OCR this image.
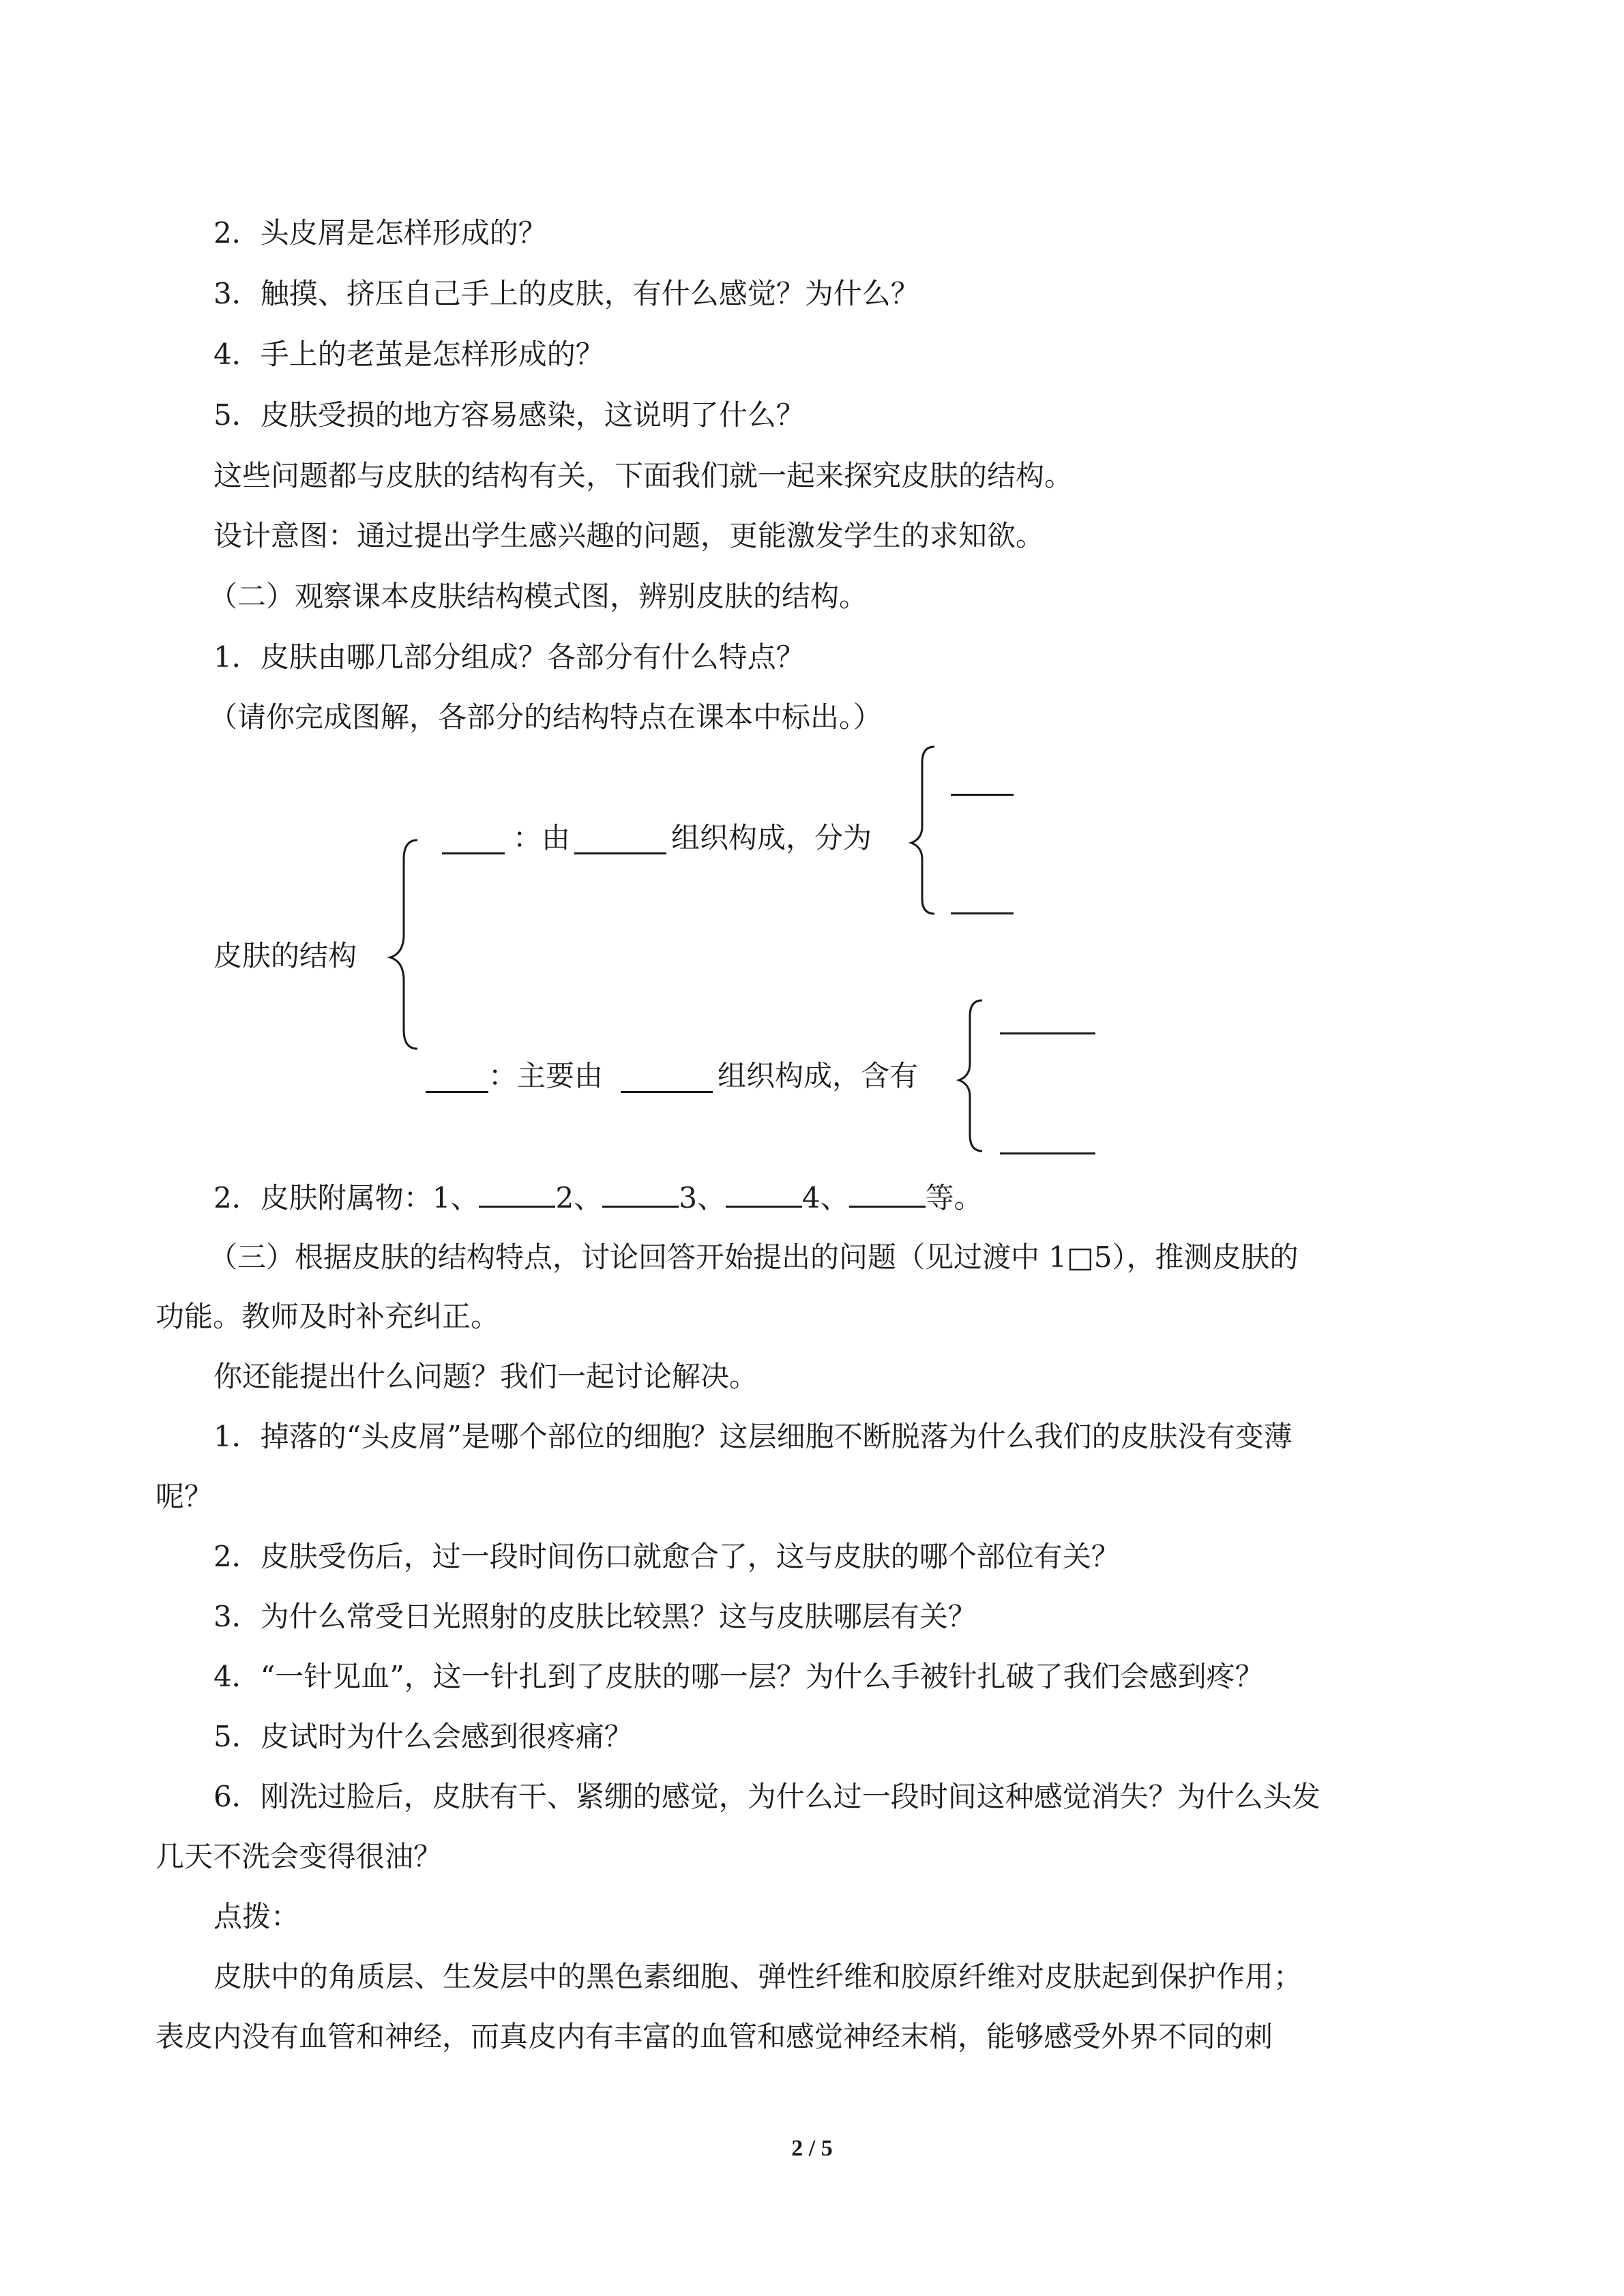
2．头皮屑是怎样形成的？
3．触摸、挤压自己手上的皮肤，有什么感觉？为什么？
4．手上的老茧是怎样形成的？
5．皮肤受损的地方容易感染，这说明了什么？
这些问题都与皮肤的结构有关，下面我们就一起来探究皮肤的结构。
设计意图：通过提出学生感兴趣的问题，更能激发学生的求知欲。
（二）观察课本皮肤结构模式图，辨别皮肤的结构。
1．皮肤由哪几部分组成？各部分有什么特点？
（请你完成图解，各部分的结构特点在课本中标出。）
皮肤的结构
：由	组织构成，分为
：主要由	组织构成，含有
2．皮肤附属物：1、	2、	3、	4、	等。
（三）根据皮肤的结构特点，讨论回答开始提出的问题（见过渡中 1□5），推测皮肤的
功能。教师及时补充纠正。
你还能提出什么问题？我们一起讨论解决。
1．掉落的“头皮屑”是哪个部位的细胞？这层细胞不断脱落为什么我们的皮肤没有变薄
呢？
2．皮肤受伤后，过一段时间伤口就愈合了，这与皮肤的哪个部位有关？
3．为什么常受日光照射的皮肤比较黑？这与皮肤哪层有关？
4．“一针见血”，这一针扎到了皮肤的哪一层？为什么手被针扎破了我们会感到疼？
5．皮试时为什么会感到很疼痛？
6．刚洗过脸后，皮肤有干、紧绷的感觉，为什么过一段时间这种感觉消失？为什么头发
几天不洗会变得很油？
点拨：
皮肤中的角质层、生发层中的黑色素细胞、弹性纤维和胶原纤维对皮肤起到保护作用；
表皮内没有血管和神经，而真皮内有丰富的血管和感觉神经末梢，能够感受外界不同的刺
2 / 5
